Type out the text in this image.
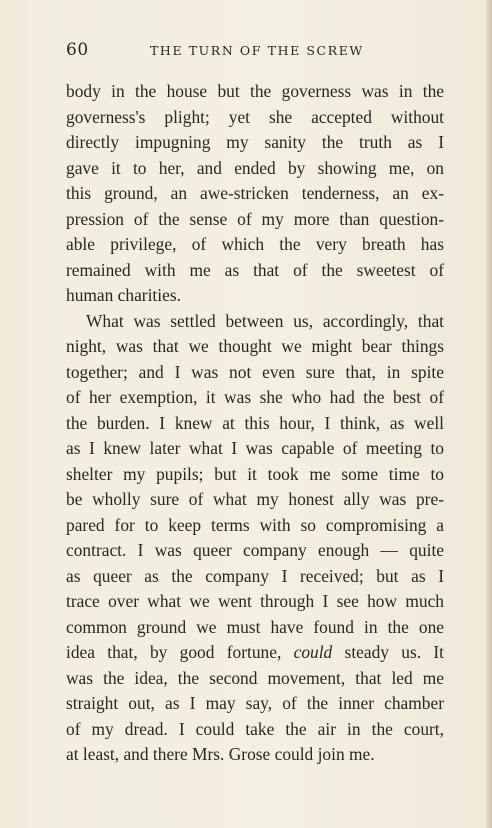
60	THE TURN OF THE SCREW
body in the house but the governess was in the
governess's plight; yet she accepted without
directly impugning my sanity the truth as I
gave it to her, and ended by showing me, on
this ground, an awe-stricken tenderness, an ex-
pression of the sense of my more than question-
able privilege, of which the very breath has
remained with me as that of the sweetest of
human charities.
What was settled between us, accordingly, that
night, was that we thought we might bear things
together; and I was not even sure that, in spite
of her exemption, it was she who had the best of
the burden. I knew at this hour, I think, as well
as I knew later what I was capable of meeting to
shelter my pupils; but it took me some time to
be wholly sure of what my honest ally was pre-
pared for to keep terms with so compromising a
contract. I was queer company enough — quite
as queer as the company I received; but as I
trace over what we went through I see how much
common ground we must have found in the one
idea that, by good fortune, could steady us. It
was the idea, the second movement, that led me
straight out, as I may say, of the inner chamber
of my dread. I could take the air in the court,
at least, and there Mrs. Grose could join me.
